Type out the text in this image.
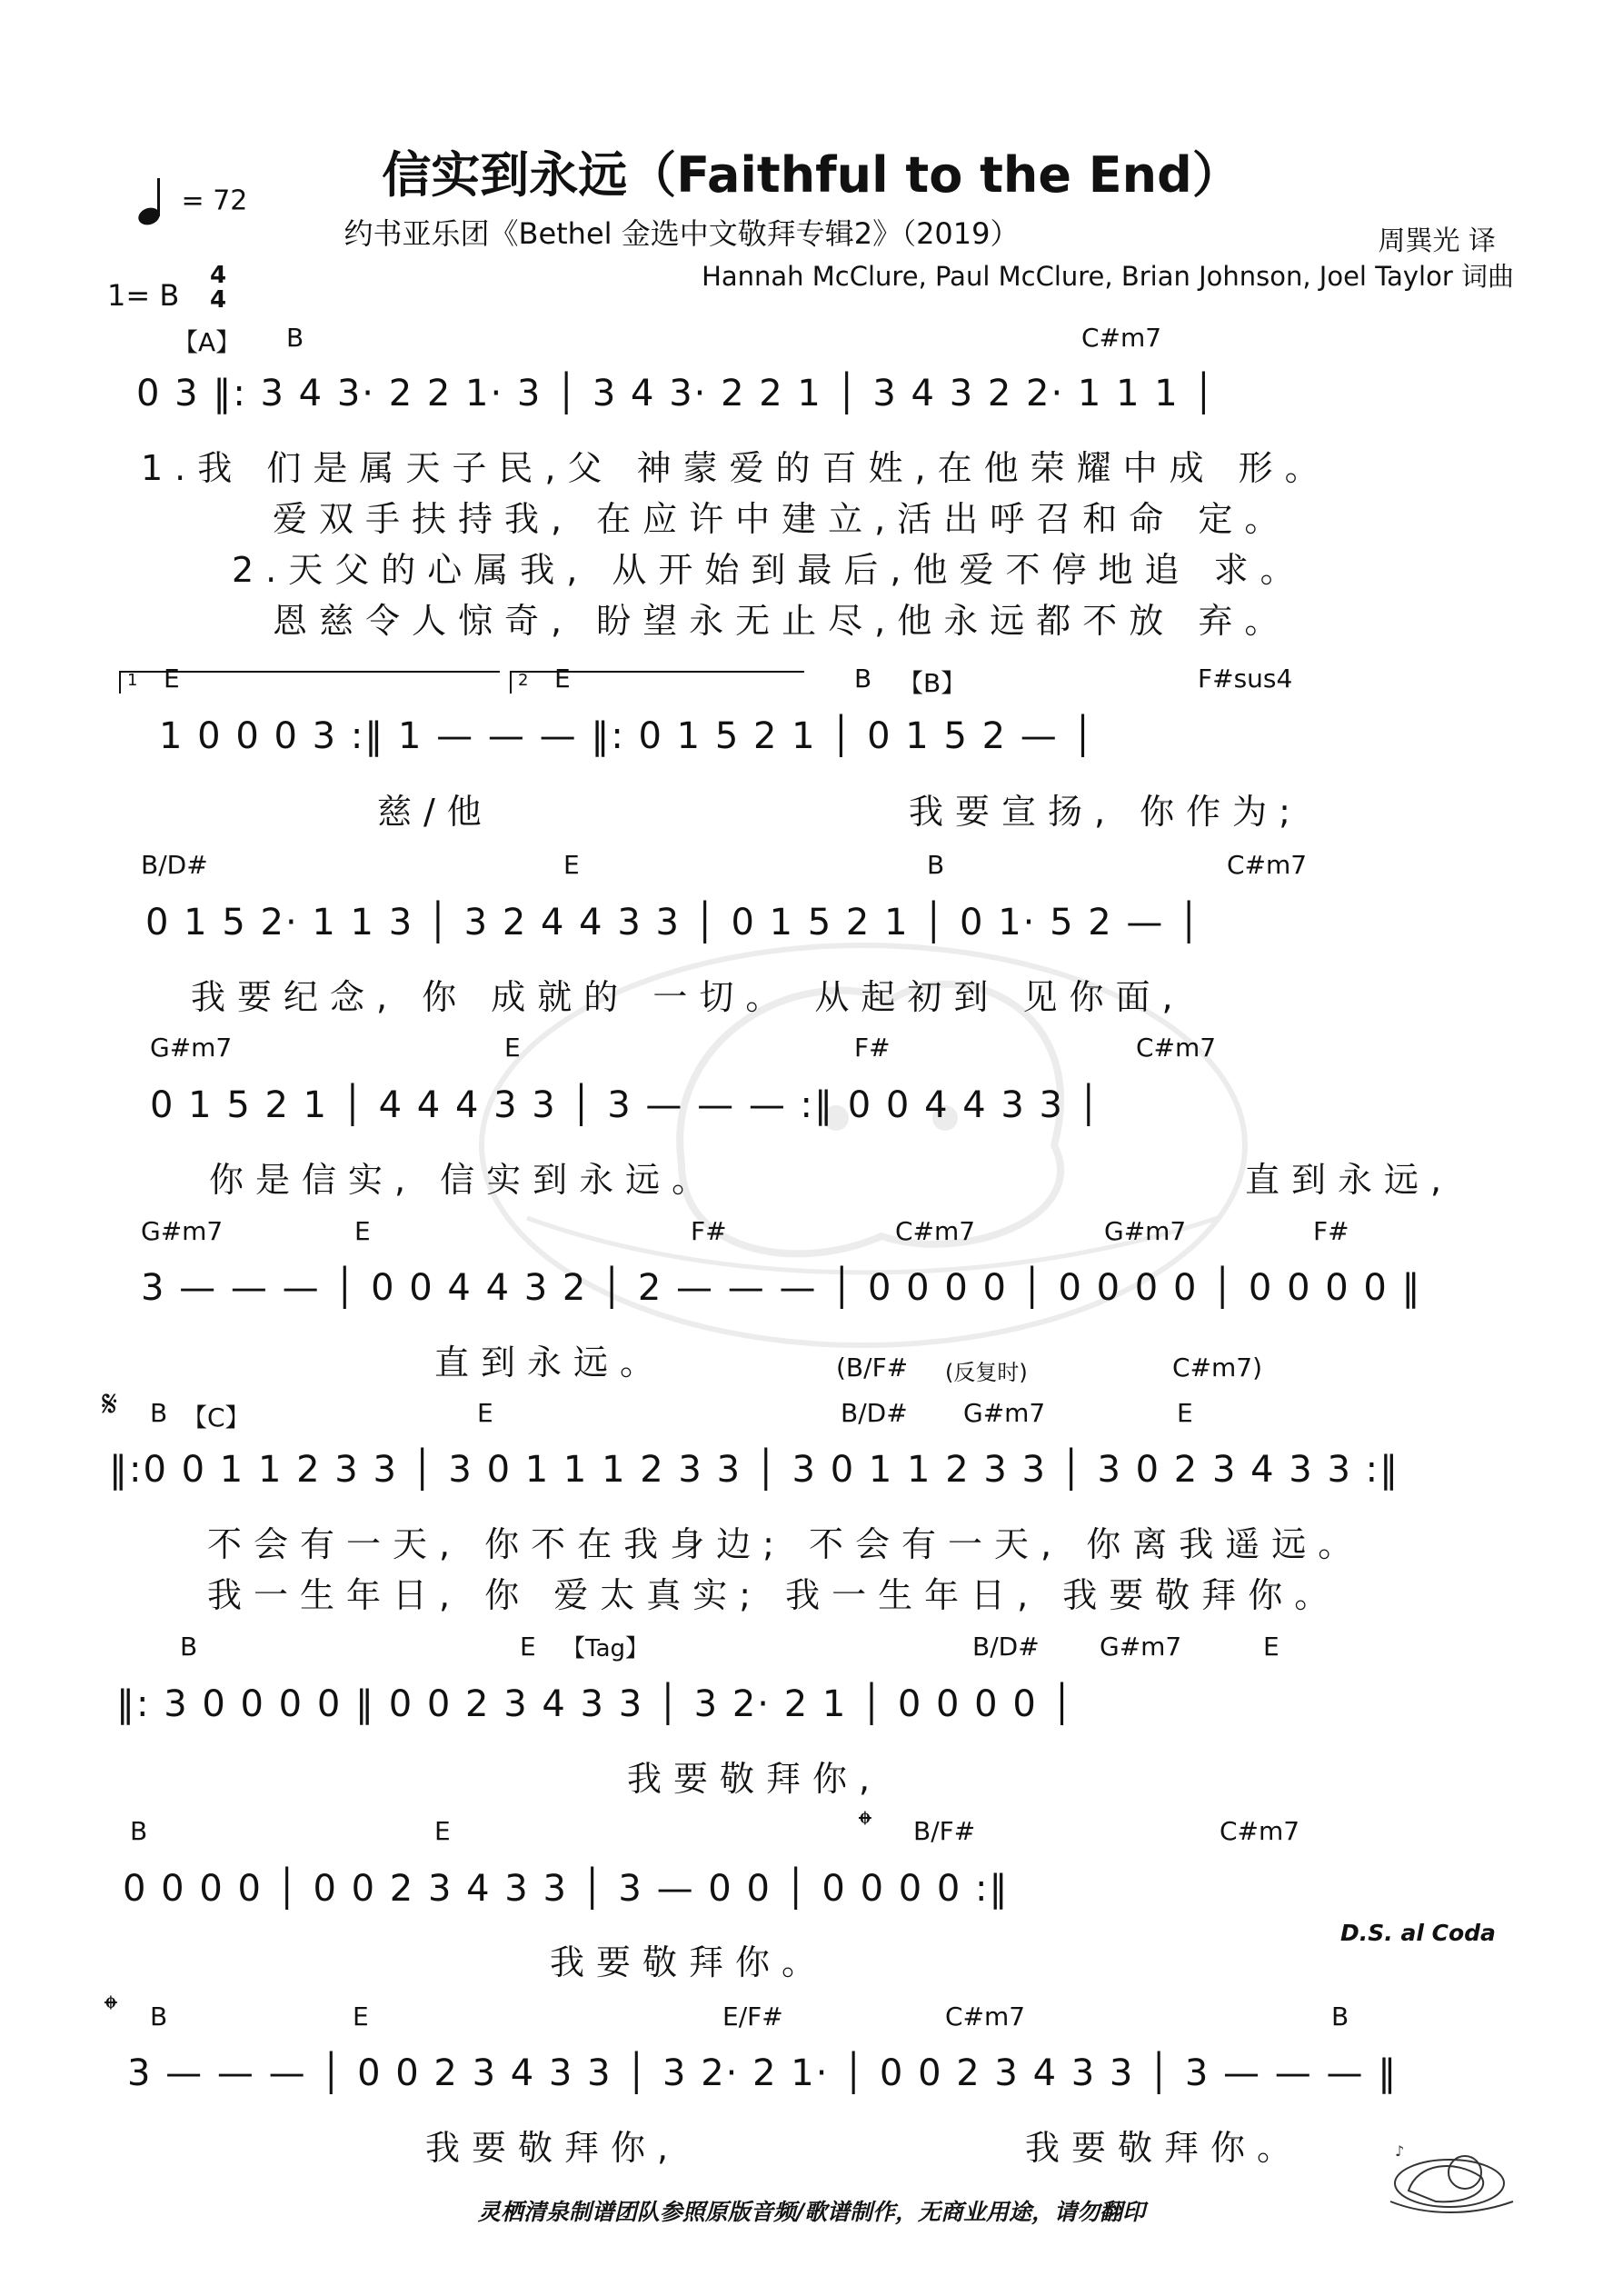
= 72	信实到永远（Faithful to the End）
约书亚乐团《Bethel 金选中文敬拜专辑2》（2019）	周巽光 译
Hannah McClure, Paul McClure, Brian Johnson, Joel Taylor 词曲
1= B
4
4
【A】 B	C#m7
0 3 ‖: 3 4 3· 2 2 1· 3 │ 3 4 3· 2 2 1 │ 3 4 3 2 2· 1 1 1 │
1.我 们是属天子民,父 神蒙爱的百姓,在他荣耀中成 形。
爱双手扶持我, 在应许中建立,活出呼召和命 定。
2.天父的心属我, 从开始到最后,他爱不停地追 求。
恩慈令人惊奇, 盼望永无止尽,他永远都不放 弃。
1	2
E	E	B 【B】	F#sus4
1 0 0 0 3 :‖ 1 — — — ‖: 0 1 5 2 1 │ 0 1 5 2 — │
慈/他	我要宣扬, 你作为;
B/D#	E	B	C#m7
0 1 5 2· 1 1 3 │ 3 2 4 4 3 3 │ 0 1 5 2 1 │ 0 1· 5 2 — │
我要纪念, 你 成就的 一切。 从起初到 见你面,
G#m7	E	F#	C#m7
0 1 5 2 1 │ 4 4 4 3 3 │ 3 — — — :‖ 0 0 4 4 3 3 │
你是信实, 信实到永远。	直到永远,
G#m7	E	F#	C#m7	G#m7	F#
3 — — — │ 0 0 4 4 3 2 │ 2 — — — │ 0 0 0 0 │ 0 0 0 0 │ 0 0 0 0 ‖
直到永远。	(B/F# (反复时)	C#m7)
𝄋 B 【C】	E	B/D# G#m7	E
‖:0 0 1 1 2 3 3 │ 3 0 1 1 1 2 3 3 │ 3 0 1 1 2 3 3 │ 3 0 2 3 4 3 3 :‖
不会有一天, 你不在我身边; 不会有一天, 你离我遥远。
我一生年日, 你 爱太真实; 我一生年日, 我要敬拜你。
B	E 【Tag】	B/D# G#m7	E
‖: 3 0 0 0 0 ‖ 0 0 2 3 4 3 3 │ 3 2· 2 1 │ 0 0 0 0 │
我要敬拜你,
B	E	𝄌 B/F#	C#m7
0 0 0 0 │ 0 0 2 3 4 3 3 │ 3 — 0 0 │ 0 0 0 0 :‖
我要敬拜你。
D.S. al Coda
𝄌 B	E	E/F#	C#m7	B
3 — — — │ 0 0 2 3 4 3 3 │ 3 2· 2 1· │ 0 0 2 3 4 3 3 │ 3 — — — ‖
我要敬拜你,	我要敬拜你。
灵栖清泉制谱团队参照原版音频/歌谱制作，无商业用途，请勿翻印
♪
